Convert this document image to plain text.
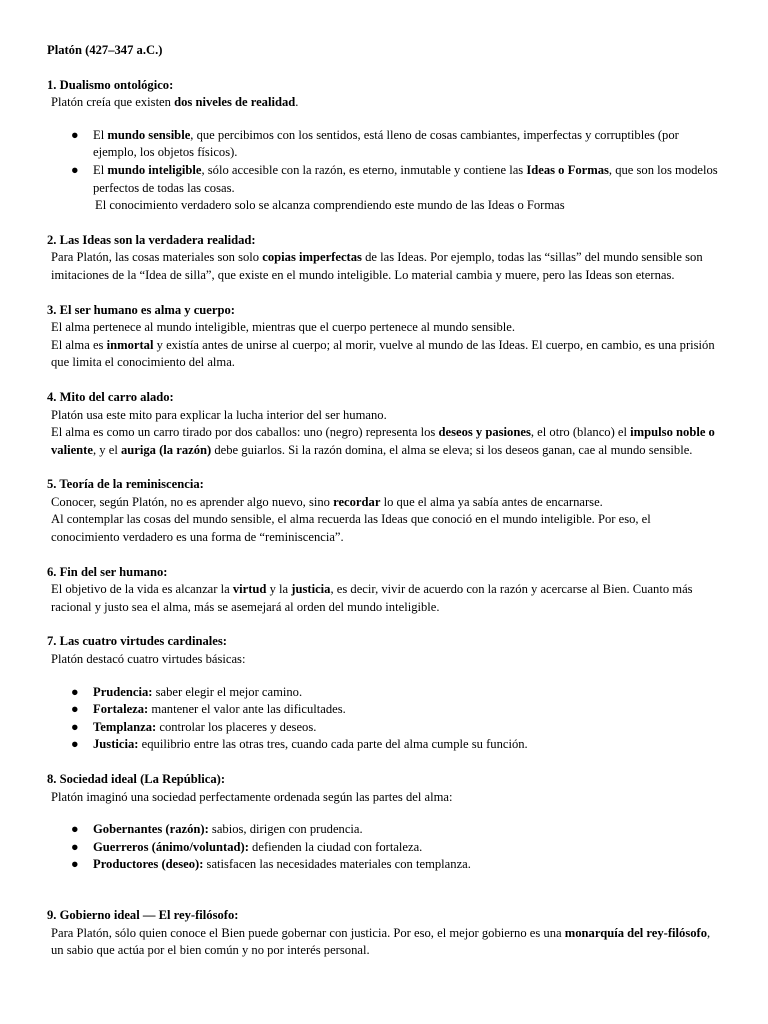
Platón (427–347 a.C.)
1. Dualismo ontológico:
Platón creía que existen dos niveles de realidad.
● El mundo sensible, que percibimos con los sentidos, está lleno de cosas cambiantes, imperfectas y corruptibles (por ejemplo, los objetos físicos).
● El mundo inteligible, sólo accesible con la razón, es eterno, inmutable y contiene las Ideas o Formas, que son los modelos perfectos de todas las cosas.
El conocimiento verdadero solo se alcanza comprendiendo este mundo de las Ideas o Formas
2. Las Ideas son la verdadera realidad:
Para Platón, las cosas materiales son solo copias imperfectas de las Ideas. Por ejemplo, todas las “sillas” del mundo sensible son imitaciones de la “Idea de silla”, que existe en el mundo inteligible. Lo material cambia y muere, pero las Ideas son eternas.
3. El ser humano es alma y cuerpo:
El alma pertenece al mundo inteligible, mientras que el cuerpo pertenece al mundo sensible.
El alma es inmortal y existía antes de unirse al cuerpo; al morir, vuelve al mundo de las Ideas. El cuerpo, en cambio, es una prisión que limita el conocimiento del alma.
4. Mito del carro alado:
Platón usa este mito para explicar la lucha interior del ser humano.
El alma es como un carro tirado por dos caballos: uno (negro) representa los deseos y pasiones, el otro (blanco) el impulso noble o valiente, y el auriga (la razón) debe guiarlos. Si la razón domina, el alma se eleva; si los deseos ganan, cae al mundo sensible.
5. Teoría de la reminiscencia:
Conocer, según Platón, no es aprender algo nuevo, sino recordar lo que el alma ya sabía antes de encarnarse.
Al contemplar las cosas del mundo sensible, el alma recuerda las Ideas que conoció en el mundo inteligible. Por eso, el conocimiento verdadero es una forma de “reminiscencia”.
6. Fin del ser humano:
El objetivo de la vida es alcanzar la virtud y la justicia, es decir, vivir de acuerdo con la razón y acercarse al Bien. Cuanto más racional y justo sea el alma, más se asemejará al orden del mundo inteligible.
7. Las cuatro virtudes cardinales:
Platón destacó cuatro virtudes básicas:
● Prudencia: saber elegir el mejor camino.
● Fortaleza: mantener el valor ante las dificultades.
● Templanza: controlar los placeres y deseos.
● Justicia: equilibrio entre las otras tres, cuando cada parte del alma cumple su función.
8. Sociedad ideal (La República):
Platón imaginó una sociedad perfectamente ordenada según las partes del alma:
● Gobernantes (razón): sabios, dirigen con prudencia.
● Guerreros (ánimo/voluntad): defienden la ciudad con fortaleza.
● Productores (deseo): satisfacen las necesidades materiales con templanza.
9. Gobierno ideal — El rey-filósofo:
Para Platón, sólo quien conoce el Bien puede gobernar con justicia. Por eso, el mejor gobierno es una monarquía del rey-filósofo, un sabio que actúa por el bien común y no por interés personal.
